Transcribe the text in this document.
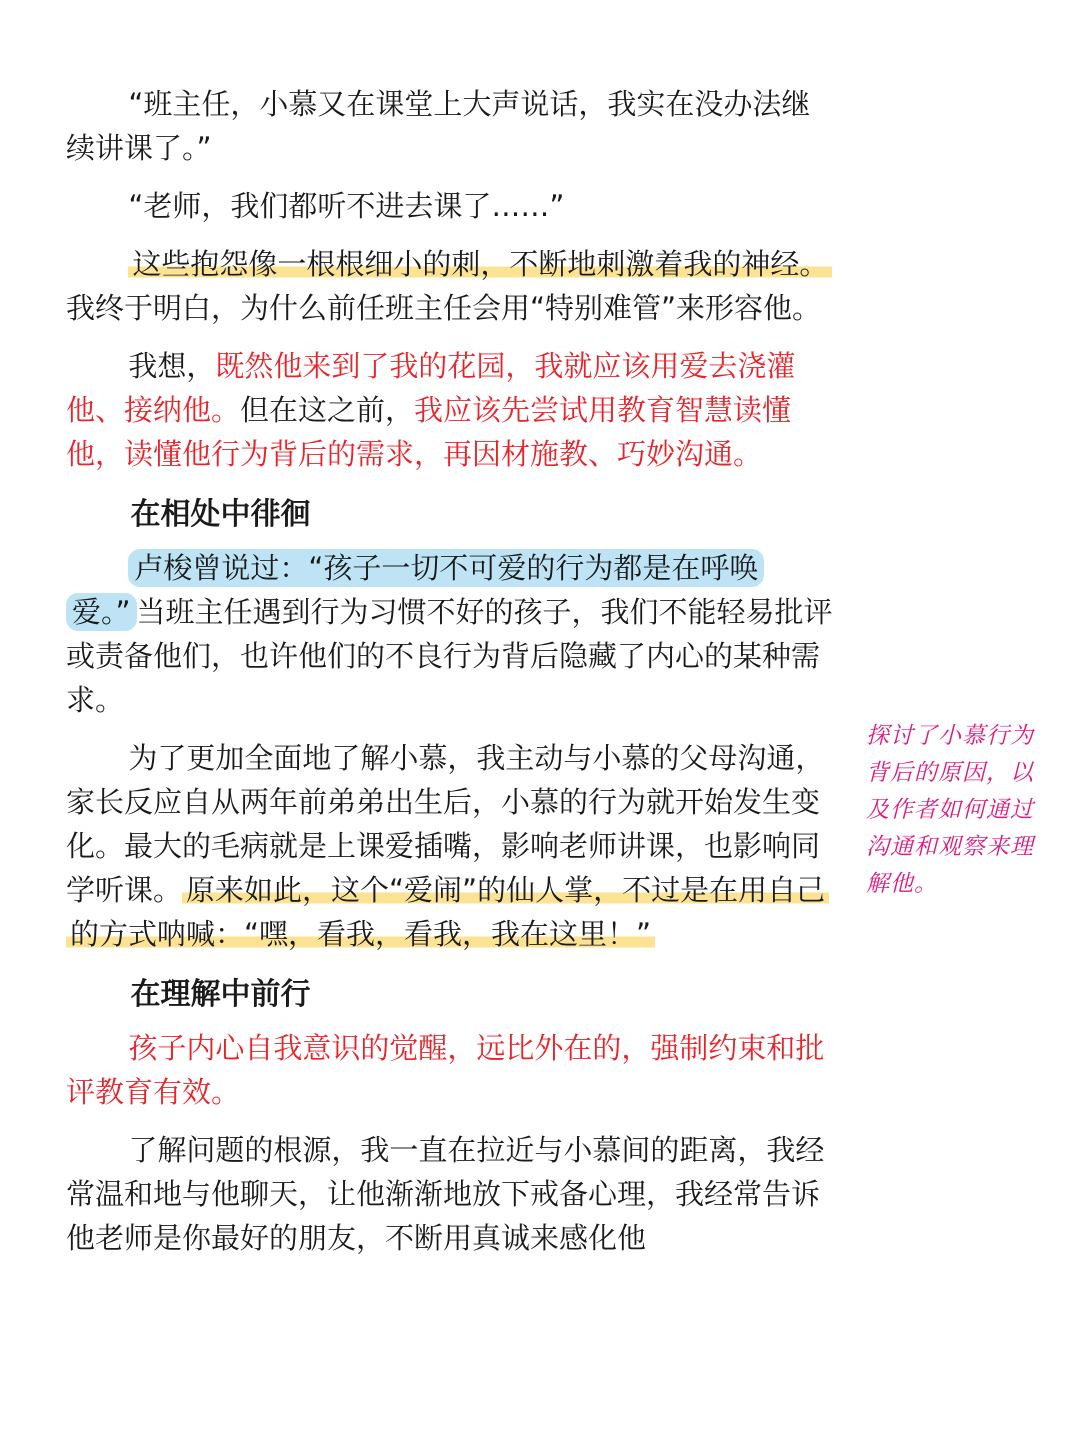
“班主任，小慕又在课堂上大声说话，我实在没办法继续讲课了。”

“老师，我们都听不进去课了……”

这些抱怨像一根根细小的刺，不断地刺激着我的神经。我终于明白，为什么前任班主任会用“特别难管”来形容他。

我想，既然他来到了我的花园，我就应该用爱去浇灌他、接纳他。但在这之前，我应该先尝试用教育智慧读懂他，读懂他行为背后的需求，再因材施教、巧妙沟通。

在相处中徘徊

卢梭曾说过：“孩子一切不可爱的行为都是在呼唤爱。” 当班主任遇到行为习惯不好的孩子，我们不能轻易批评或责备他们，也许他们的不良行为背后隐藏了内心的某种需求。

为了更加全面地了解小慕，我主动与小慕的父母沟通，家长反应自从两年前弟弟出生后，小慕的行为就开始发生变化。最大的毛病就是上课爱插嘴，影响老师讲课，也影响同学听课。 原来如此，这个“爱闹”的仙人掌，不过是在用自己的方式呐喊：“嘿，看我，看我，我在这里！”

在理解中前行

孩子内心自我意识的觉醒，远比外在的，强制约束和批评教育有效。

了解问题的根源，我一直在拉近与小慕间的距离，我经常温和地与他聊天，让他渐渐地放下戒备心理，我经常告诉他老师是你最好的朋友，不断用真诚来感化他

探讨了小慕行为背后的原因，以及作者如何通过沟通和观察来理解他。
